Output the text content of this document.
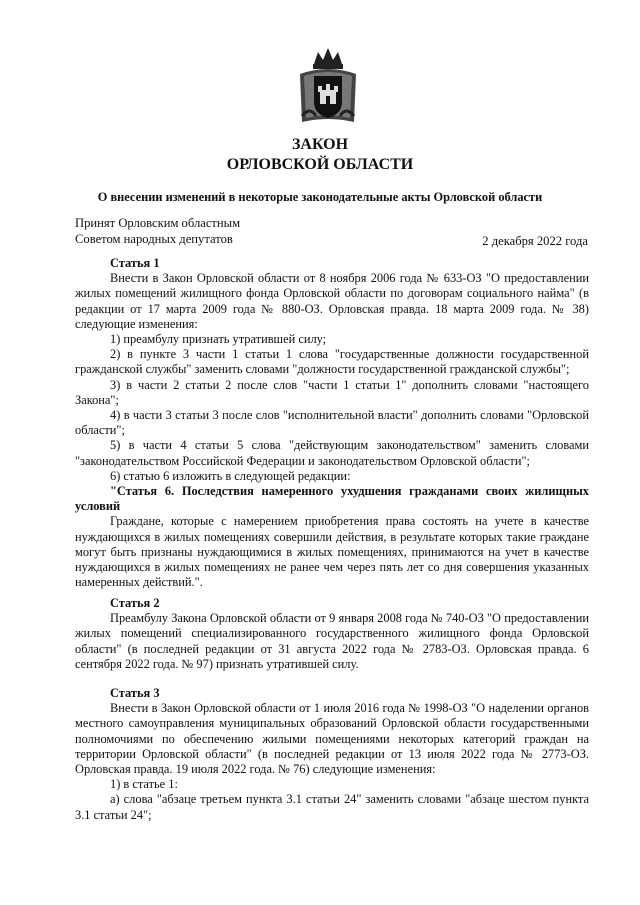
ЗАКОН
ОРЛОВСКОЙ ОБЛАСТИ
О внесении изменений в некоторые законодательные акты Орловской области
Принят Орловским областным
Советом народных депутатов	2 декабря 2022 года

Статья 1

Внести в Закон Орловской области от 8 ноября 2006 года № 633-ОЗ "О предоставлении жилых помещений жилищного фонда Орловской области по договорам социального найма" (в редакции от 17 марта 2009 года № 880-ОЗ. Орловская правда. 18 марта 2009 года. № 38) следующие изменения:

1) преамбулу признать утратившей силу;

2) в пункте 3 части 1 статьи 1 слова "государственные должности государственной гражданской службы" заменить словами "должности государственной гражданской службы";

3) в части 2 статьи 2 после слов "части 1 статьи 1" дополнить словами "настоящего Закона";

4) в части 3 статьи 3 после слов "исполнительной власти" дополнить словами "Орловской области";

5) в части 4 статьи 5 слова "действующим законодательством" заменить словами "законодательством Российской Федерации и законодательством Орловской области";

6) статью 6 изложить в следующей редакции:

"Статья 6. Последствия намеренного ухудшения гражданами своих жилищных условий

Граждане, которые с намерением приобретения права состоять на учете в качестве нуждающихся в жилых помещениях совершили действия, в результате которых такие граждане могут быть признаны нуждающимися в жилых помещениях, принимаются на учет в качестве нуждающихся в жилых помещениях не ранее чем через пять лет со дня совершения указанных намеренных действий.".

Статья 2

Преамбулу Закона Орловской области от 9 января 2008 года № 740-ОЗ "О предоставлении жилых помещений специализированного государственного жилищного фонда Орловской области" (в последней редакции от 31 августа 2022 года № 2783-ОЗ. Орловская правда. 6 сентября 2022 года. № 97) признать утратившей силу.

Статья 3

Внести в Закон Орловской области от 1 июля 2016 года № 1998-ОЗ "О наделении органов местного самоуправления муниципальных образований Орловской области государственными полномочиями по обеспечению жилыми помещениями некоторых категорий граждан на территории Орловской области" (в последней редакции от 13 июля 2022 года № 2773-ОЗ. Орловская правда. 19 июля 2022 года. № 76) следующие изменения:

1) в статье 1:

а) слова "абзаце третьем пункта 3.1 статьи 24" заменить словами "абзаце шестом пункта 3.1 статьи 24";
